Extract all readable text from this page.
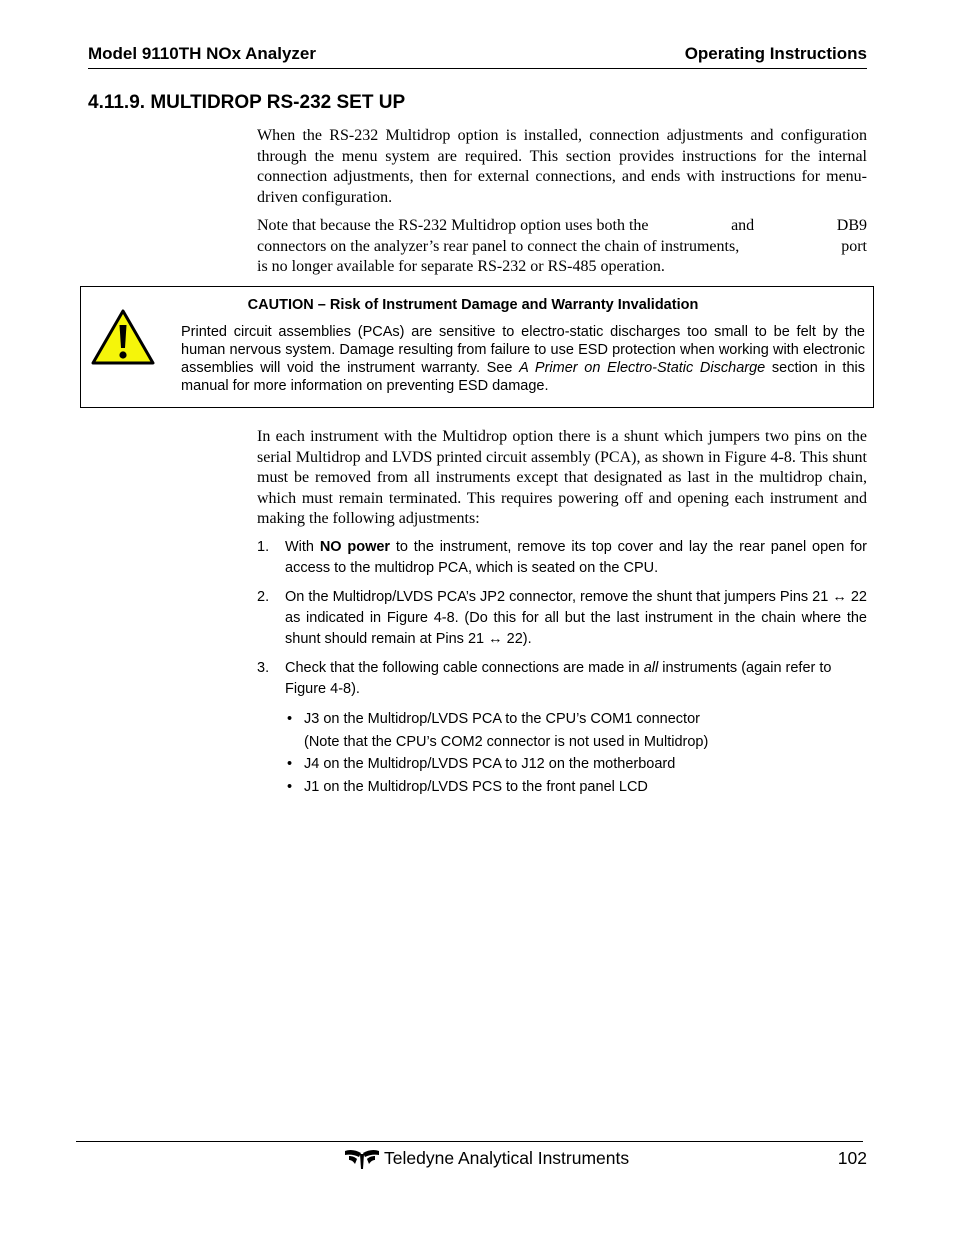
Model 9110TH NOx Analyzer	Operating Instructions
4.11.9. MULTIDROP RS-232 SET UP

When the RS-232 Multidrop option is installed, connection adjustments and configuration through the menu system are required. This section provides instructions for the internal connection adjustments, then for external connections, and ends with instructions for menu-driven configuration.

Note that because the RS-232 Multidrop option uses both the	and	DB9
connectors on the analyzer’s rear panel to connect the chain of instruments,	port
is no longer available for separate RS-232 or RS-485 operation.
CAUTION – Risk of Instrument Damage and Warranty Invalidation

Printed circuit assemblies (PCAs) are sensitive to electro-static discharges too small to be felt by the human nervous system. Damage resulting from failure to use ESD protection when working with electronic assemblies will void the instrument warranty. See A Primer on Electro-Static Discharge section in this manual for more information on preventing ESD damage.

In each instrument with the Multidrop option there is a shunt which jumpers two pins on the serial Multidrop and LVDS printed circuit assembly (PCA), as shown in Figure 4-8. This shunt must be removed from all instruments except that designated as last in the multidrop chain, which must remain terminated. This requires powering off and opening each instrument and making the following adjustments:

1. With NO power to the instrument, remove its top cover and lay the rear panel open for access to the multidrop PCA, which is seated on the CPU.
2. On the Multidrop/LVDS PCA’s JP2 connector, remove the shunt that jumpers Pins 21 ↔ 22 as indicated in Figure 4-8. (Do this for all but the last instrument in the chain where the shunt should remain at Pins 21 ↔ 22).
3. Check that the following cable connections are made in all instruments (again refer to Figure 4-8).
• J3 on the Multidrop/LVDS PCA to the CPU’s COM1 connector
(Note that the CPU’s COM2 connector is not used in Multidrop)
• J4 on the Multidrop/LVDS PCA to J12 on the motherboard
• J1 on the Multidrop/LVDS PCS to the front panel LCD
Teledyne Analytical Instruments	102
